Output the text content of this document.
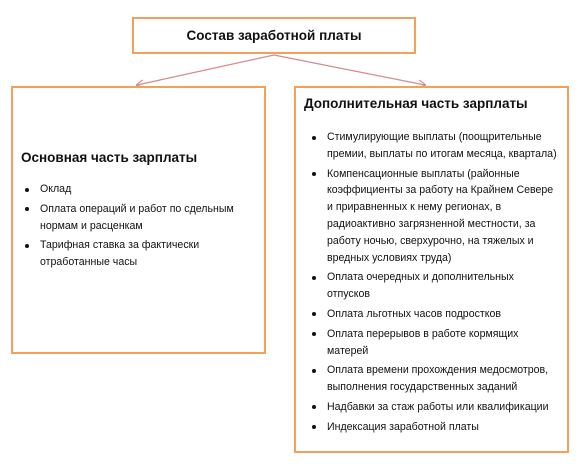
Состав заработной платы

Основная часть зарплаты

Оклад
Оплата операций и работ по сдельным нормам и расценкам
Тарифная ставка за фактически отработанные часы

Дополнительная часть зарплаты

Стимулирующие выплаты (поощрительные премии, выплаты по итогам месяца, квартала)
Компенсационные выплаты (районные коэффициенты за работу на Крайнем Севере и приравненных к нему регионах, в радиоактивно загрязненной местности, за работу ночью, сверхурочно, на тяжелых и вредных условиях труда)
Оплата очередных и дополнительных отпусков
Оплата льготных часов подростков
Оплата перерывов в работе кормящих матерей
Оплата времени прохождения медосмотров, выполнения государственных заданий
Надбавки за стаж работы или квалификации
Индексация заработной платы
